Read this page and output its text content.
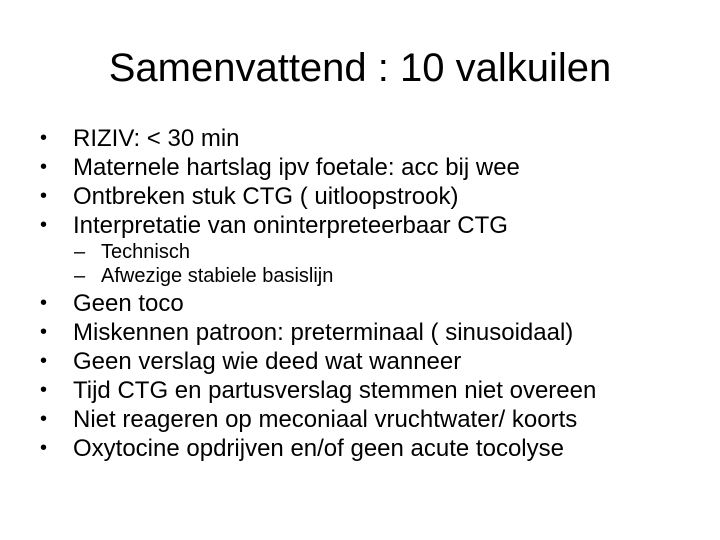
Samenvattend : 10 valkuilen
•	RIZIV: < 30 min
•	Maternele hartslag ipv foetale: acc bij wee
•	Ontbreken stuk CTG ( uitloopstrook)
•	Interpretatie van oninterpreteerbaar CTG
– Technisch
– Afwezige stabiele basislijn
•	Geen toco
•	Miskennen patroon: preterminaal ( sinusoidaal)
•	Geen verslag wie deed wat wanneer
•	Tijd CTG en partusverslag stemmen niet overeen
•	Niet reageren op meconiaal vruchtwater/ koorts
•	Oxytocine opdrijven en/of geen acute tocolyse
